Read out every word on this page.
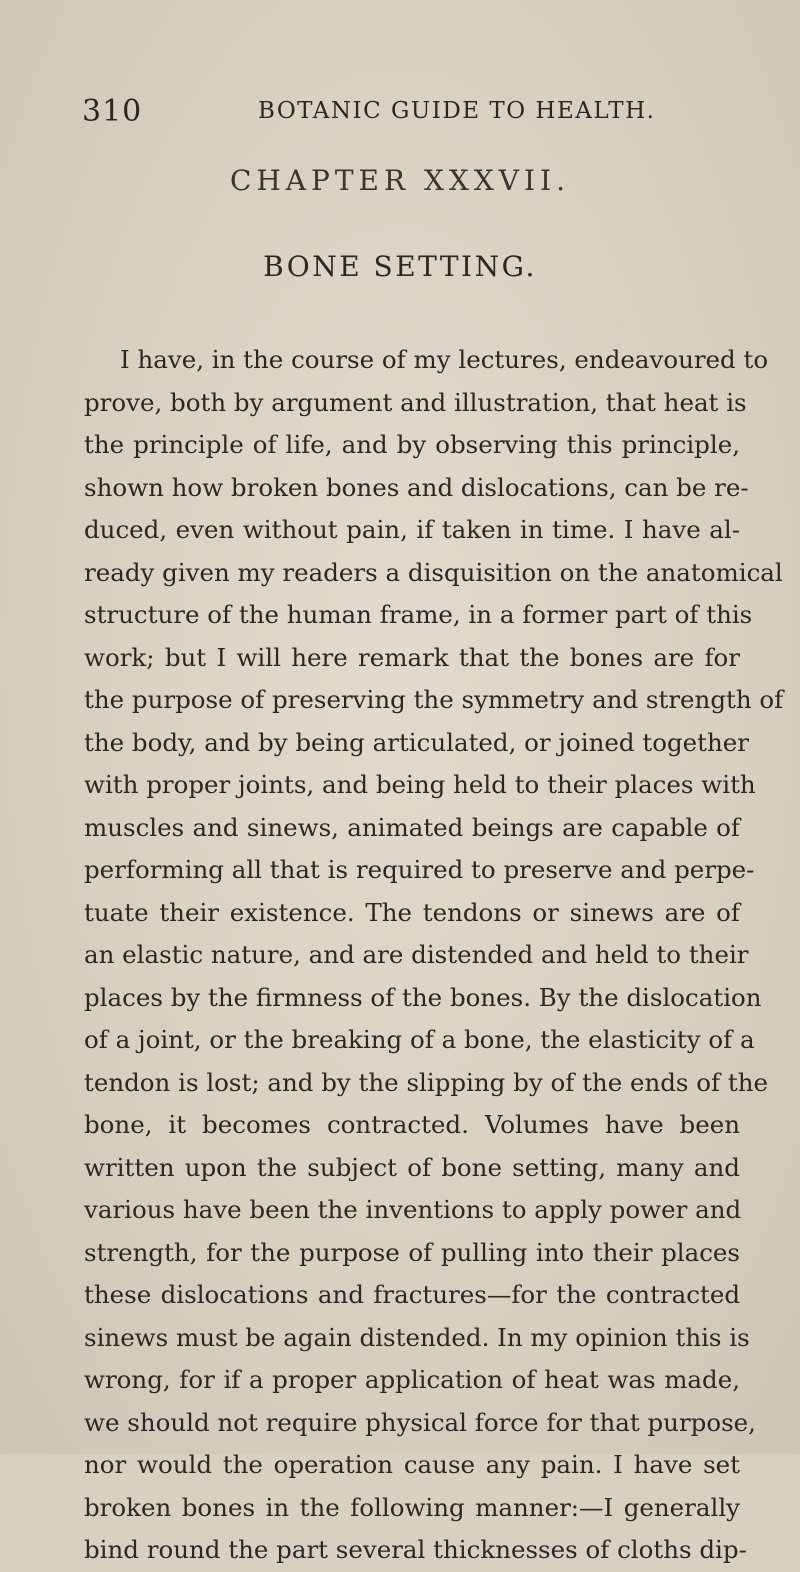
310	BOTANIC GUIDE TO HEALTH.
CHAPTER XXXVII.
BONE SETTING.
I have, in the course of my lectures, endeavoured to
prove, both by argument and illustration, that heat is
the principle of life, and by observing this principle,
shown how broken bones and dislocations, can be re-
duced, even without pain, if taken in time. I have al-
ready given my readers a disquisition on the anatomical
structure of the human frame, in a former part of this
work; but I will here remark that the bones are for
the purpose of preserving the symmetry and strength of
the body, and by being articulated, or joined together
with proper joints, and being held to their places with
muscles and sinews, animated beings are capable of
performing all that is required to preserve and perpe-
tuate their existence. The tendons or sinews are of
an elastic nature, and are distended and held to their
places by the firmness of the bones. By the dislocation
of a joint, or the breaking of a bone, the elasticity of a
tendon is lost; and by the slipping by of the ends of the
bone, it becomes contracted. Volumes have been
written upon the subject of bone setting, many and
various have been the inventions to apply power and
strength, for the purpose of pulling into their places
these dislocations and fractures—for the contracted
sinews must be again distended. In my opinion this is
wrong, for if a proper application of heat was made,
we should not require physical force for that purpose,
nor would the operation cause any pain. I have set
broken bones in the following manner:—I generally
bind round the part several thicknesses of cloths dip-
